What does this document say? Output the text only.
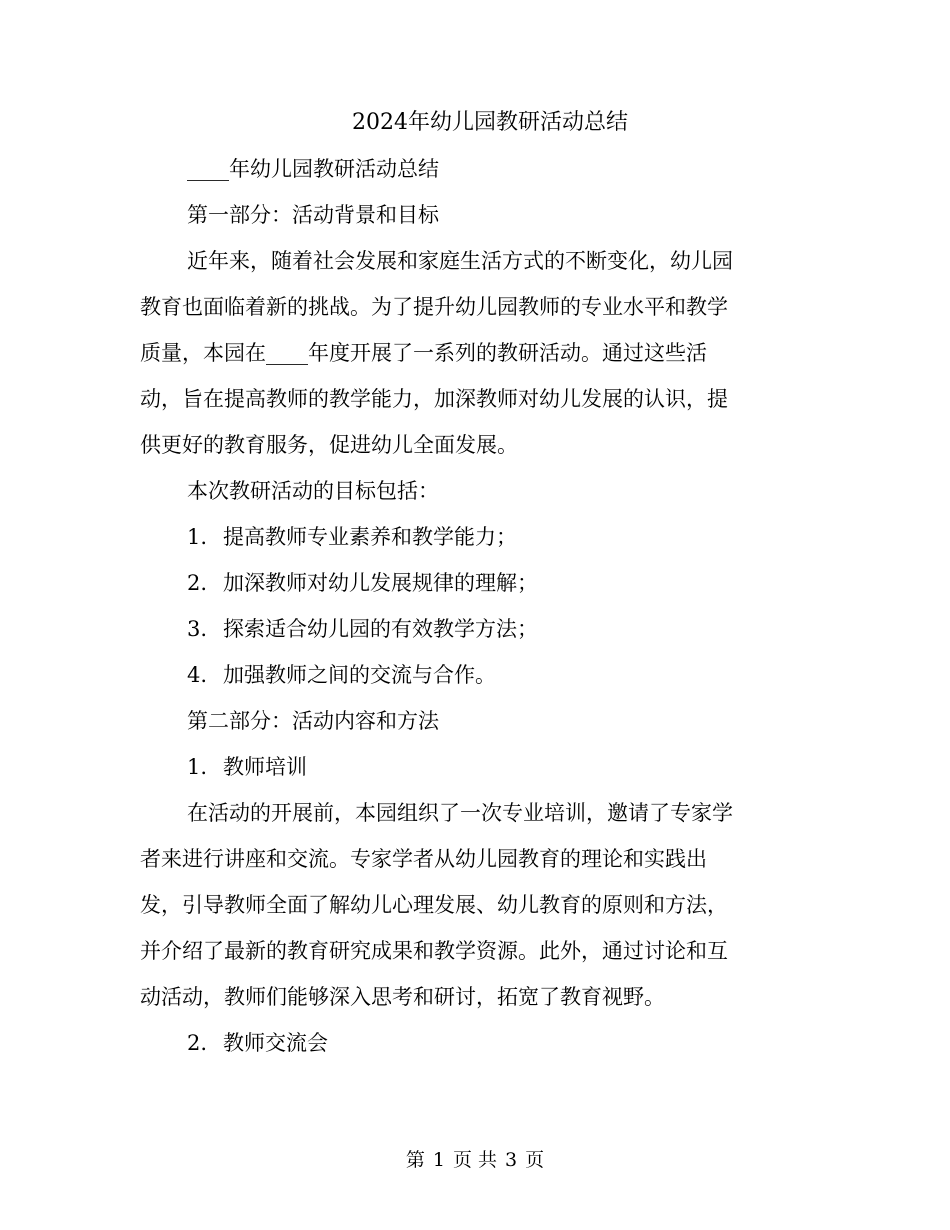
2024年幼儿园教研活动总结

____年幼儿园教研活动总结

第一部分：活动背景和目标

近年来，随着社会发展和家庭生活方式的不断变化，幼儿园
教育也面临着新的挑战。为了提升幼儿园教师的专业水平和教学
质量，本园在____年度开展了一系列的教研活动。通过这些活
动，旨在提高教师的教学能力，加深教师对幼儿发展的认识，提
供更好的教育服务，促进幼儿全面发展。

本次教研活动的目标包括：

1. 提高教师专业素养和教学能力；

2. 加深教师对幼儿发展规律的理解；

3. 探索适合幼儿园的有效教学方法；

4. 加强教师之间的交流与合作。

第二部分：活动内容和方法

1. 教师培训

在活动的开展前，本园组织了一次专业培训，邀请了专家学
者来进行讲座和交流。专家学者从幼儿园教育的理论和实践出
发，引导教师全面了解幼儿心理发展、幼儿教育的原则和方法，
并介绍了最新的教育研究成果和教学资源。此外，通过讨论和互
动活动，教师们能够深入思考和研讨，拓宽了教育视野。

2. 教师交流会

第 1 页 共 3 页
